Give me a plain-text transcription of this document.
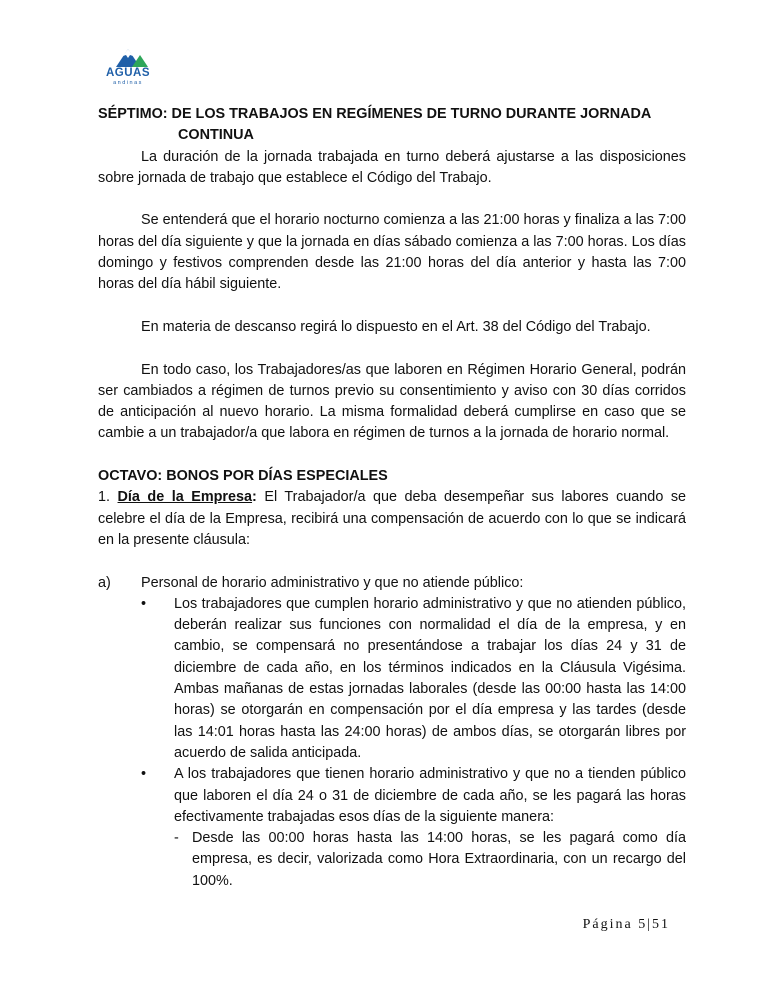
AGUAS
andinas

SÉPTIMO: DE LOS TRABAJOS EN REGÍMENES DE TURNO DURANTE JORNADA

CONTINUA

La duración de la jornada trabajada en turno deberá ajustarse a las disposiciones sobre jornada de trabajo que establece el Código del Trabajo.

Se entenderá que el horario nocturno comienza a las 21:00 horas y finaliza a las 7:00 horas del día siguiente y que la jornada en días sábado comienza a las 7:00 horas. Los días domingo y festivos comprenden desde las 21:00 horas del día anterior y hasta las 7:00 horas del día hábil siguiente.

En materia de descanso regirá lo dispuesto en el Art. 38 del Código del Trabajo.

En todo caso, los Trabajadores/as que laboren en Régimen Horario General, podrán ser cambiados a régimen de turnos previo su consentimiento y aviso con 30 días corridos de anticipación al nuevo horario. La misma formalidad deberá cumplirse en caso que se cambie a un trabajador/a que labora en régimen de turnos a la jornada de horario normal.

OCTAVO: BONOS POR DÍAS ESPECIALES

1. Día de la Empresa: El Trabajador/a que deba desempeñar sus labores cuando se celebre el día de la Empresa, recibirá una compensación de acuerdo con lo que se indicará en la presente cláusula:

a)	Personal de horario administrativo y que no atiende público:
•	Los trabajadores que cumplen horario administrativo y que no atienden público, deberán realizar sus funciones con normalidad el día de la empresa, y en cambio, se compensará no presentándose a trabajar los días 24 y 31 de diciembre de cada año, en los términos indicados en la Cláusula Vigésima. Ambas mañanas de estas jornadas laborales (desde las 00:00 hasta las 14:00 horas) se otorgarán en compensación por el día empresa y las tardes (desde las 14:01 horas hasta las 24:00 horas) de ambos días, se otorgarán libres por acuerdo de salida anticipada.
•	A los trabajadores que tienen horario administrativo y que no a tienden público que laboren el día 24 o 31 de diciembre de cada año, se les pagará las horas efectivamente trabajadas esos días de la siguiente manera:
- Desde las 00:00 horas hasta las 14:00 horas, se les pagará como día empresa, es decir, valorizada como Hora Extraordinaria, con un recargo del 100%.
Página 5|51
